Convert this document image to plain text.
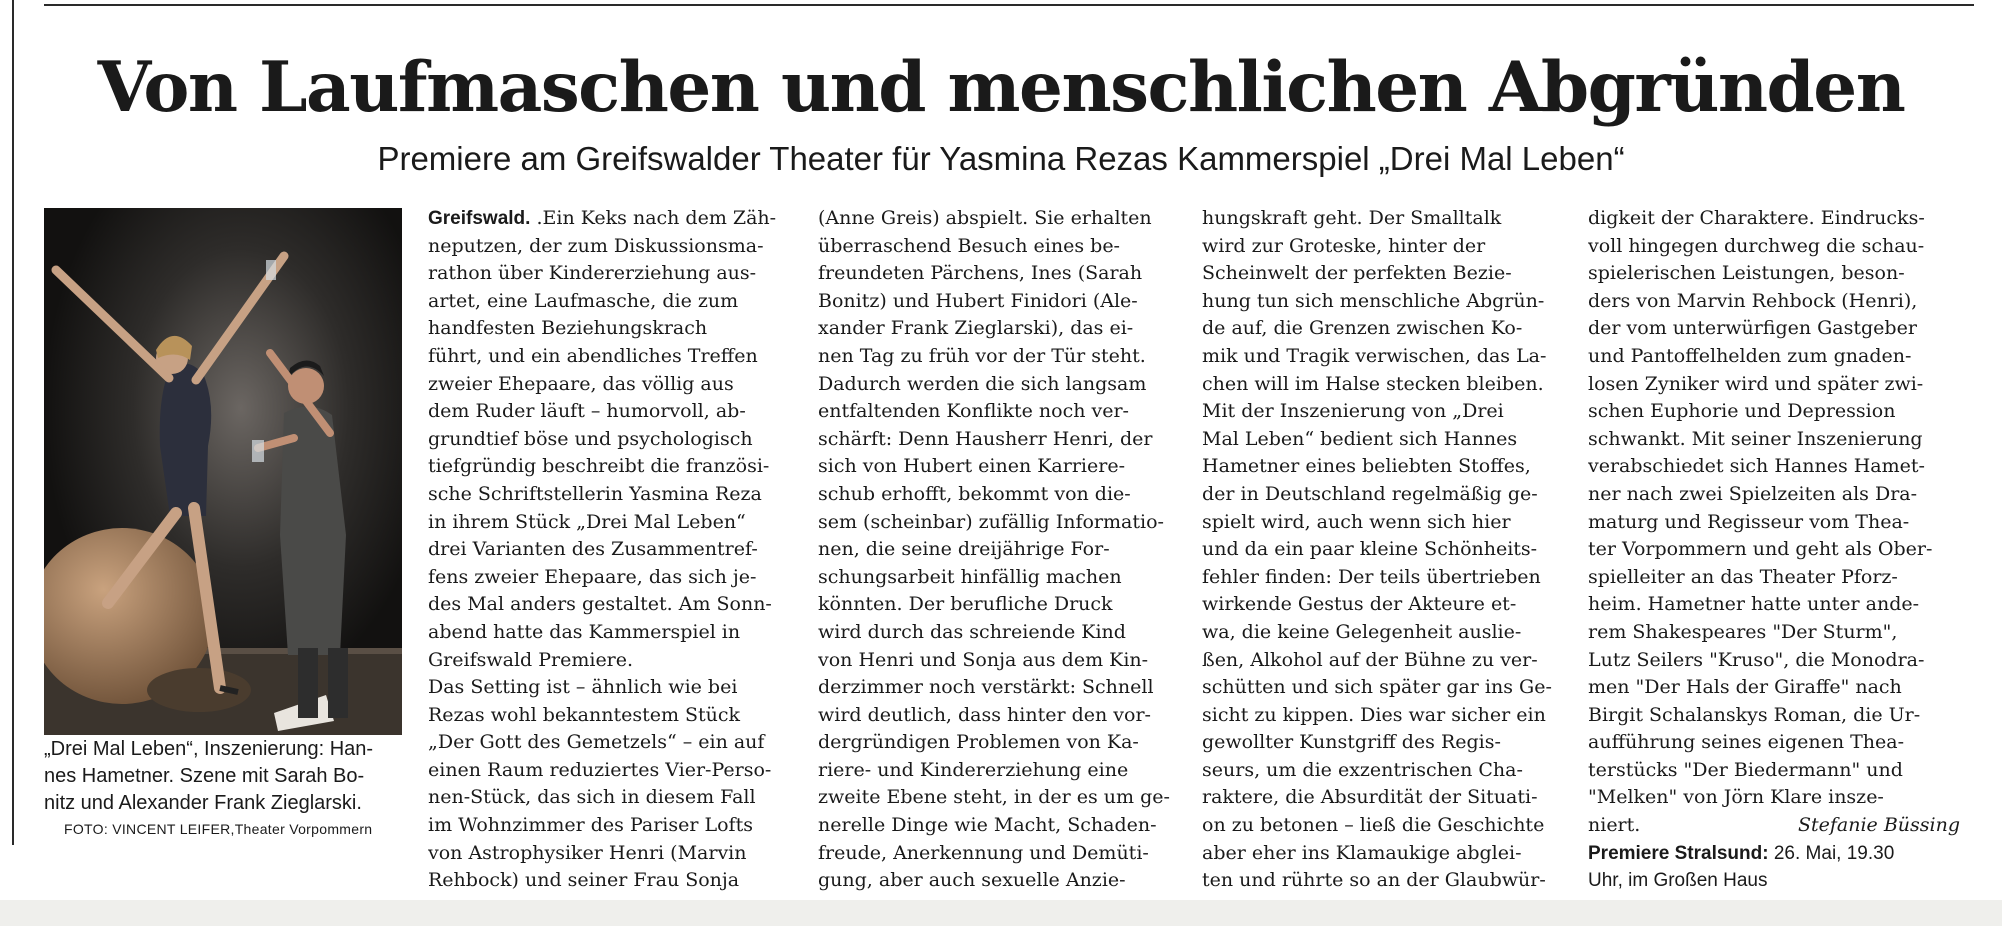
Von Laufmaschen und menschlichen Abgründen
Premiere am Greifswalder Theater für Yasmina Rezas Kammerspiel „Drei Mal Leben“
„Drei Mal Leben“, Inszenierung: Han-
nes Hametner. Szene mit Sarah Bo-
nitz und Alexander Frank Zieglarski.
FOTO: VINCENT LEIFER,Theater Vorpommern
Greifswald. .Ein Keks nach dem Zäh-
neputzen, der zum Diskussionsma-
rathon über Kindererziehung aus-
artet, eine Laufmasche, die zum
handfesten Beziehungskrach
führt, und ein abendliches Treffen
zweier Ehepaare, das völlig aus
dem Ruder läuft – humorvoll, ab-
grundtief böse und psychologisch
tiefgründig beschreibt die französi-
sche Schriftstellerin Yasmina Reza
in ihrem Stück „Drei Mal Leben“
drei Varianten des Zusammentref-
fens zweier Ehepaare, das sich je-
des Mal anders gestaltet. Am Sonn-
abend hatte das Kammerspiel in
Greifswald Premiere.
Das Setting ist – ähnlich wie bei
Rezas wohl bekanntestem Stück
„Der Gott des Gemetzels“ – ein auf
einen Raum reduziertes Vier-Perso-
nen-Stück, das sich in diesem Fall
im Wohnzimmer des Pariser Lofts
von Astrophysiker Henri (Marvin
Rehbock) und seiner Frau Sonja
(Anne Greis) abspielt. Sie erhalten
überraschend Besuch eines be-
freundeten Pärchens, Ines (Sarah
Bonitz) und Hubert Finidori (Ale-
xander Frank Zieglarski), das ei-
nen Tag zu früh vor der Tür steht.
Dadurch werden die sich langsam
entfaltenden Konflikte noch ver-
schärft: Denn Hausherr Henri, der
sich von Hubert einen Karriere-
schub erhofft, bekommt von die-
sem (scheinbar) zufällig Informatio-
nen, die seine dreijährige For-
schungsarbeit hinfällig machen
könnten. Der berufliche Druck
wird durch das schreiende Kind
von Henri und Sonja aus dem Kin-
derzimmer noch verstärkt: Schnell
wird deutlich, dass hinter den vor-
dergründigen Problemen von Ka-
riere- und Kindererziehung eine
zweite Ebene steht, in der es um ge-
nerelle Dinge wie Macht, Schaden-
freude, Anerkennung und Demüti-
gung, aber auch sexuelle Anzie-
hungskraft geht. Der Smalltalk
wird zur Groteske, hinter der
Scheinwelt der perfekten Bezie-
hung tun sich menschliche Abgrün-
de auf, die Grenzen zwischen Ko-
mik und Tragik verwischen, das La-
chen will im Halse stecken bleiben.
Mit der Inszenierung von „Drei
Mal Leben“ bedient sich Hannes
Hametner eines beliebten Stoffes,
der in Deutschland regelmäßig ge-
spielt wird, auch wenn sich hier
und da ein paar kleine Schönheits-
fehler finden: Der teils übertrieben
wirkende Gestus der Akteure et-
wa, die keine Gelegenheit auslie-
ßen, Alkohol auf der Bühne zu ver-
schütten und sich später gar ins Ge-
sicht zu kippen. Dies war sicher ein
gewollter Kunstgriff des Regis-
seurs, um die exzentrischen Cha-
raktere, die Absurdität der Situati-
on zu betonen – ließ die Geschichte
aber eher ins Klamaukige abglei-
ten und rührte so an der Glaubwür-
digkeit der Charaktere. Eindrucks-
voll hingegen durchweg die schau-
spielerischen Leistungen, beson-
ders von Marvin Rehbock (Henri),
der vom unterwürfigen Gastgeber
und Pantoffelhelden zum gnaden-
losen Zyniker wird und später zwi-
schen Euphorie und Depression
schwankt. Mit seiner Inszenierung
verabschiedet sich Hannes Hamet-
ner nach zwei Spielzeiten als Dra-
maturg und Regisseur vom Thea-
ter Vorpommern und geht als Ober-
spielleiter an das Theater Pforz-
heim. Hametner hatte unter ande-
rem Shakespeares "Der Sturm",
Lutz Seilers "Kruso", die Monodra-
men "Der Hals der Giraffe" nach
Birgit Schalanskys Roman, die Ur-
aufführung seines eigenen Thea-
terstücks "Der Biedermann" und
"Melken" von Jörn Klare insze-
niert.	Stefanie Büssing
Premiere Stralsund: 26. Mai, 19.30
Uhr, im Großen Haus
